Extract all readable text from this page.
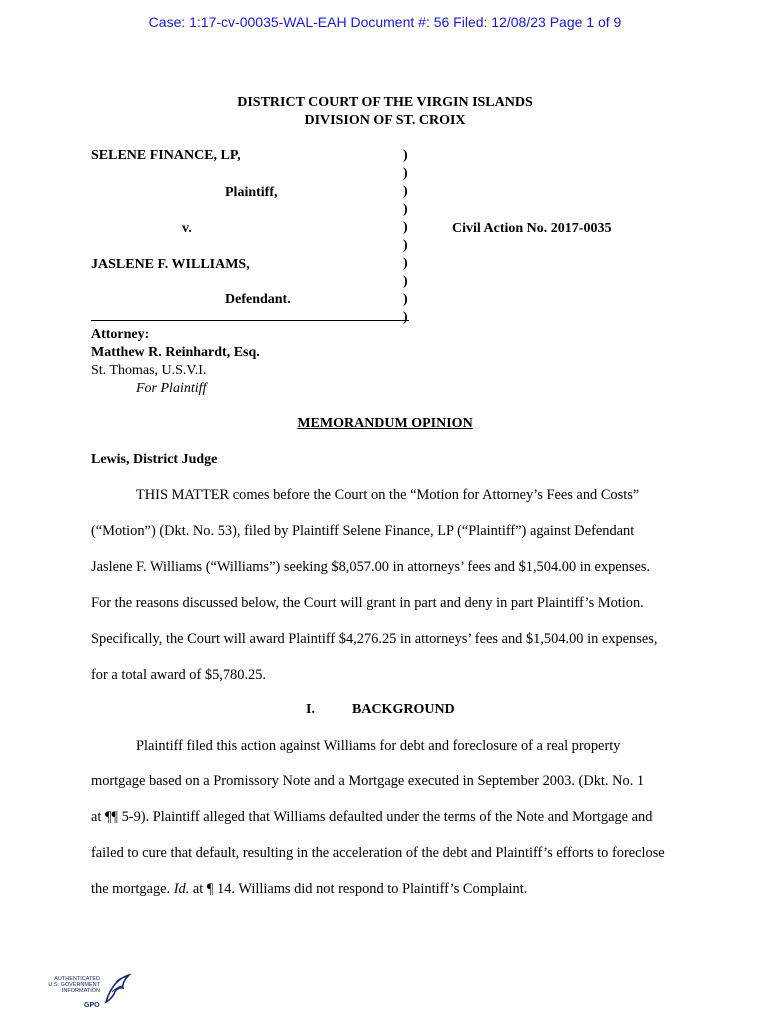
Case: 1:17-cv-00035-WAL-EAH Document #: 56 Filed: 12/08/23 Page 1 of 9
DISTRICT COURT OF THE VIRGIN ISLANDS
DIVISION OF ST. CROIX
SELENE FINANCE, LP,
Plaintiff,
v.
JASLENE F. WILLIAMS,
Defendant.
Civil Action No. 2017-0035
)
)
)
)
)
)
)
)
)
)
Attorney:
Matthew R. Reinhardt, Esq.
St. Thomas, U.S.V.I.
For Plaintiff
MEMORANDUM OPINION
Lewis, District Judge
THIS MATTER comes before the Court on the “Motion for Attorney’s Fees and Costs”
(“Motion”) (Dkt. No. 53), filed by Plaintiff Selene Finance, LP (“Plaintiff”) against Defendant
Jaslene F. Williams (“Williams”) seeking $8,057.00 in attorneys’ fees and $1,504.00 in expenses.
For the reasons discussed below, the Court will grant in part and deny in part Plaintiff’s Motion.
Specifically, the Court will award Plaintiff $4,276.25 in attorneys’ fees and $1,504.00 in expenses,
for a total award of $5,780.25.
I.	BACKGROUND
Plaintiff filed this action against Williams for debt and foreclosure of a real property
mortgage based on a Promissory Note and a Mortgage executed in September 2003. (Dkt. No. 1
at ¶¶ 5-9). Plaintiff alleged that Williams defaulted under the terms of the Note and Mortgage and
failed to cure that default, resulting in the acceleration of the debt and Plaintiff’s efforts to foreclose
the mortgage. Id. at ¶ 14. Williams did not respond to Plaintiff’s Complaint.
AUTHENTICATED
U.S. GOVERNMENT
INFORMATION
GPO
